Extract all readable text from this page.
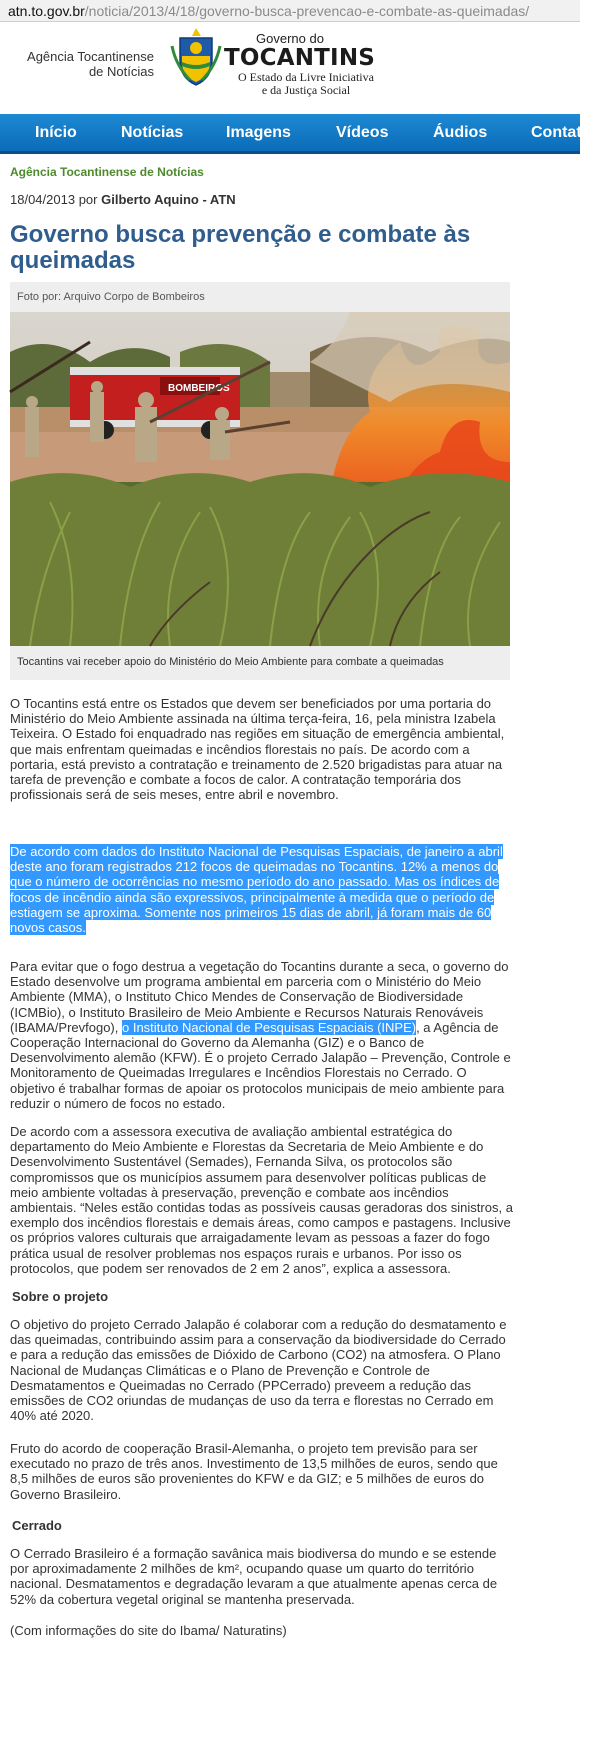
atn.to.gov.br/noticia/2013/4/18/governo-busca-prevencao-e-combate-as-queimadas/
Agência Tocantinense
de Notícias
Governo do
TOCANTINS
O Estado da Livre Iniciativa
e da Justiça Social
Início	Notícias	Imagens	Vídeos	Áudios	Contato
Agência Tocantinense de Notícias
18/04/2013 por Gilberto Aquino - ATN
Governo busca prevenção e combate às queimadas
Foto por: Arquivo Corpo de Bombeiros
BOMBEIROS
Tocantins vai receber apoio do Ministério do Meio Ambiente para combate a queimadas

O Tocantins está entre os Estados que devem ser beneficiados por uma portaria do Ministério do Meio Ambiente assinada na última terça-feira, 16, pela ministra Izabela Teixeira. O Estado foi enquadrado nas regiões em situação de emergência ambiental, que mais enfrentam queimadas e incêndios florestais no país. De acordo com a portaria, está previsto a contratação e treinamento de 2.520 brigadistas para atuar na tarefa de prevenção e combate a focos de calor. A contratação temporária dos profissionais será de seis meses, entre abril e novembro.

De acordo com dados do Instituto Nacional de Pesquisas Espaciais, de janeiro a abril deste ano foram registrados 212 focos de queimadas no Tocantins. 12% a menos do que o número de ocorrências no mesmo período do ano passado. Mas os índices de focos de incêndio ainda são expressivos, principalmente à medida que o período de estiagem se aproxima. Somente nos primeiros 15 dias de abril, já foram mais de 60 novos casos.

Para evitar que o fogo destrua a vegetação do Tocantins durante a seca, o governo do Estado desenvolve um programa ambiental em parceria com o Ministério do Meio Ambiente (MMA), o Instituto Chico Mendes de Conservação de Biodiversidade (ICMBio), o Instituto Brasileiro de Meio Ambiente e Recursos Naturais Renováveis (IBAMA/Prevfogo), o Instituto Nacional de Pesquisas Espaciais (INPE), a Agência de Cooperação Internacional do Governo da Alemanha (GIZ) e o Banco de Desenvolvimento alemão (KFW). É o projeto Cerrado Jalapão – Prevenção, Controle e Monitoramento de Queimadas Irregulares e Incêndios Florestais no Cerrado. O objetivo é trabalhar formas de apoiar os protocolos municipais de meio ambiente para reduzir o número de focos no estado.

De acordo com a assessora executiva de avaliação ambiental estratégica do departamento do Meio Ambiente e Florestas da Secretaria de Meio Ambiente e do Desenvolvimento Sustentável (Semades), Fernanda Silva, os protocolos são compromissos que os municípios assumem para desenvolver políticas publicas de meio ambiente voltadas à preservação, prevenção e combate aos incêndios ambientais. “Neles estão contidas todas as possíveis causas geradoras dos sinistros, a exemplo dos incêndios florestais e demais áreas, como campos e pastagens. Inclusive os próprios valores culturais que arraigadamente levam as pessoas a fazer do fogo prática usual de resolver problemas nos espaços rurais e urbanos. Por isso os protocolos, que podem ser renovados de 2 em 2 anos”, explica a assessora.

Sobre o projeto

O objetivo do projeto Cerrado Jalapão é colaborar com a redução do desmatamento e das queimadas, contribuindo assim para a conservação da biodiversidade do Cerrado e para a redução das emissões de Dióxido de Carbono (CO2) na atmosfera. O Plano Nacional de Mudanças Climáticas e o Plano de Prevenção e Controle de Desmatamentos e Queimadas no Cerrado (PPCerrado) preveem a redução das emissões de CO2 oriundas de mudanças de uso da terra e florestas no Cerrado em 40% até 2020.

Fruto do acordo de cooperação Brasil-Alemanha, o projeto tem previsão para ser executado no prazo de três anos. Investimento de 13,5 milhões de euros, sendo que 8,5 milhões de euros são provenientes do KFW e da GIZ; e 5 milhões de euros do Governo Brasileiro.

Cerrado

O Cerrado Brasileiro é a formação savânica mais biodiversa do mundo e se estende por aproximadamente 2 milhões de km², ocupando quase um quarto do território nacional. Desmatamentos e degradação levaram a que atualmente apenas cerca de 52% da cobertura vegetal original se mantenha preservada.

(Com informações do site do Ibama/ Naturatins)
